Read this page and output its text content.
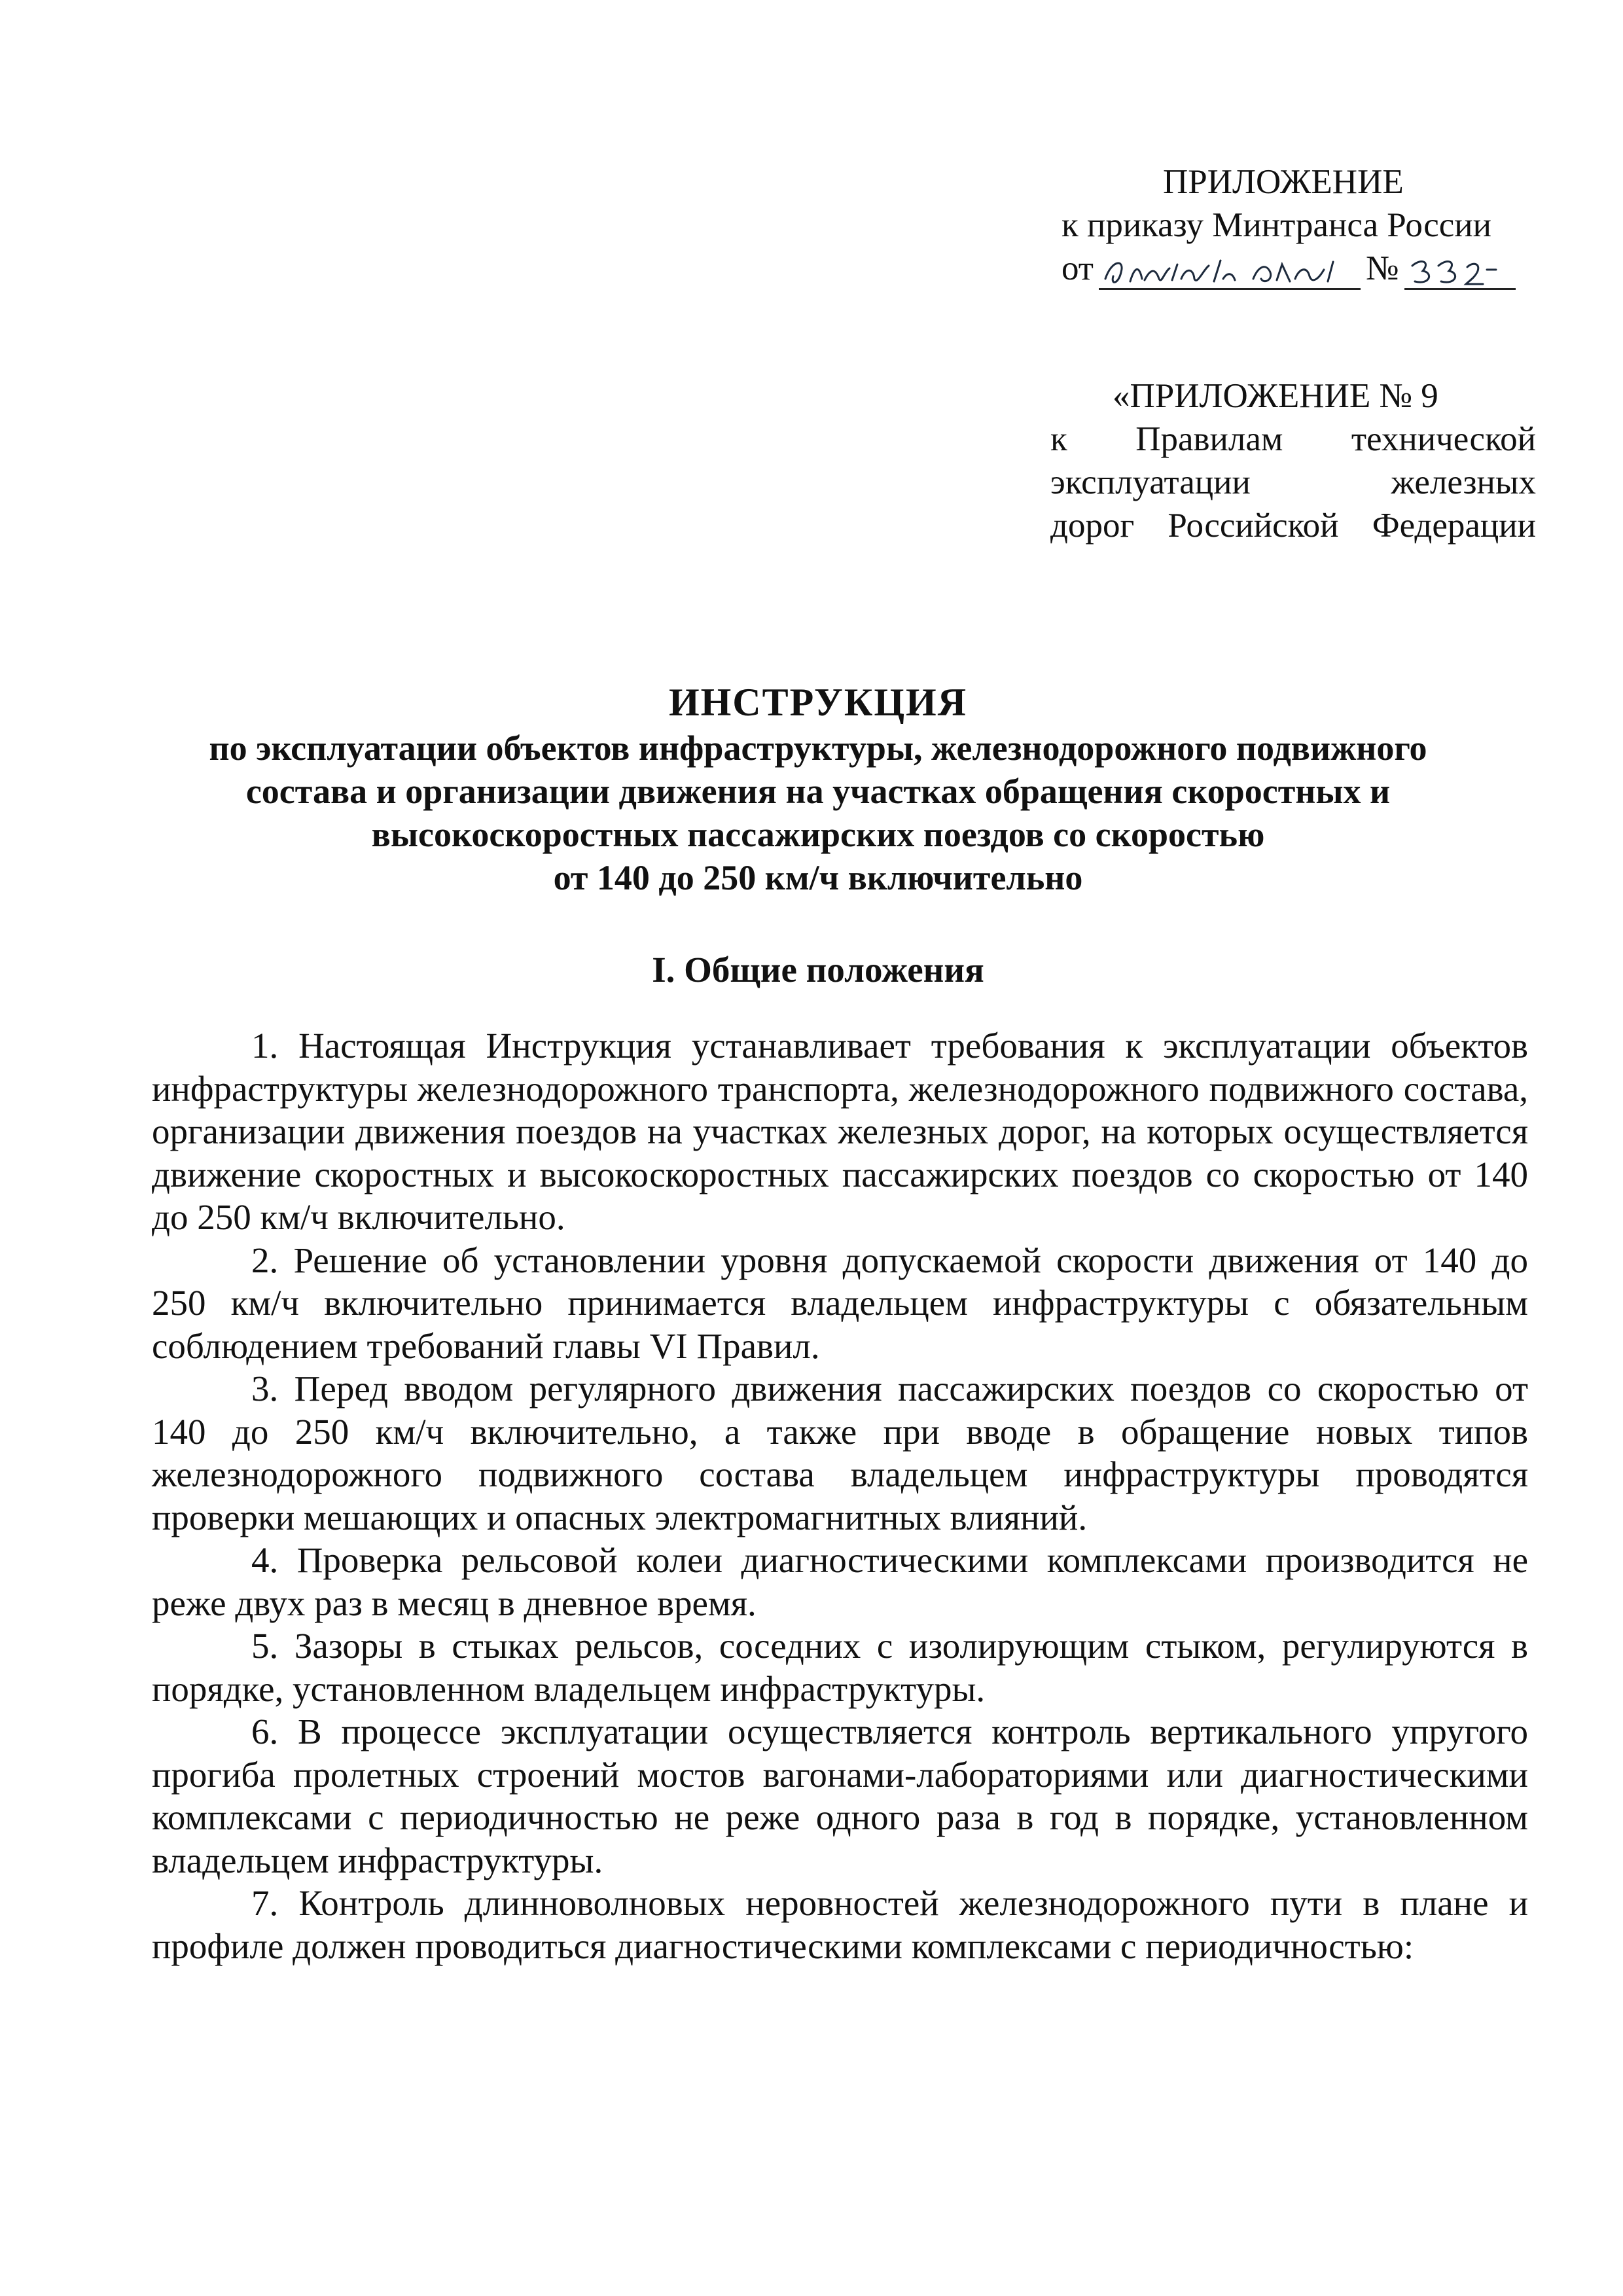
ПРИЛОЖЕНИЕ
к приказу Минтранса России
от	№
«ПРИЛОЖЕНИЕ № 9
к Правилам технической
эксплуатации железных
дорог Российской Федерации
ИНСТРУКЦИЯ
по эксплуатации объектов инфраструктуры, железнодорожного подвижного
состава и организации движения на участках обращения скоростных и
высокоскоростных пассажирских поездов со скоростью
от 140 до 250 км/ч включительно
I. Общие положения

1. Настоящая Инструкция устанавливает требования к эксплуатации объектов инфраструктуры железнодорожного транспорта, железнодорожного подвижного состава, организации движения поездов на участках железных дорог, на которых осуществляется движение скоростных и высокоскоростных пассажирских поездов со скоростью от 140 до 250 км/ч включительно.

2. Решение об установлении уровня допускаемой скорости движения от 140 до 250 км/ч включительно принимается владельцем инфраструктуры с обязательным соблюдением требований главы VI Правил.

3. Перед вводом регулярного движения пассажирских поездов со скоростью от 140 до 250 км/ч включительно, а также при вводе в обращение новых типов железнодорожного подвижного состава владельцем инфраструктуры проводятся проверки мешающих и опасных электромагнитных влияний.

4. Проверка рельсовой колеи диагностическими комплексами производится не реже двух раз в месяц в дневное время.

5. Зазоры в стыках рельсов, соседних с изолирующим стыком, регулируются в порядке, установленном владельцем инфраструктуры.

6. В процессе эксплуатации осуществляется контроль вертикального упругого прогиба пролетных строений мостов вагонами-лабораториями или диагностическими комплексами с периодичностью не реже одного раза в год в порядке, установленном владельцем инфраструктуры.

7. Контроль длинноволновых неровностей железнодорожного пути в плане и профиле должен проводиться диагностическими комплексами с периодичностью:
